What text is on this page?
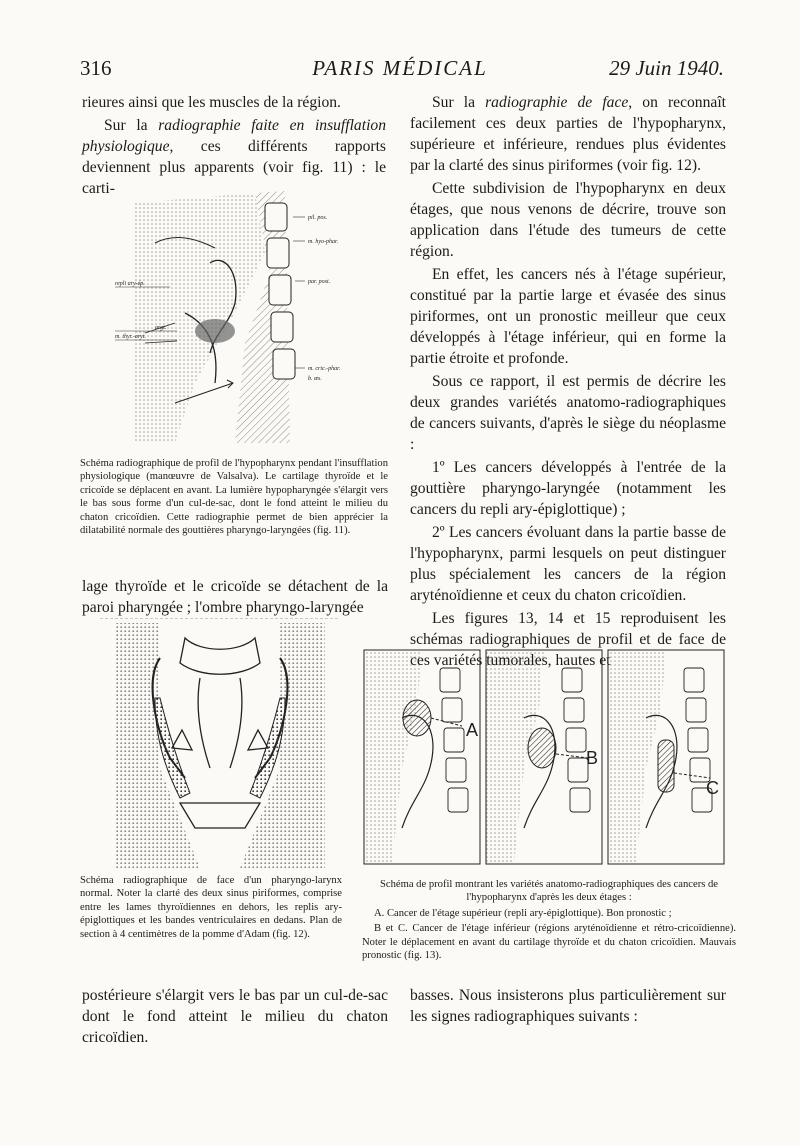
316	PARIS MÉDICAL	29 Juin 1940.

rieures ainsi que les muscles de la région.

Sur la radiographie faite en insufflation physiologique, ces différents rapports deviennent plus apparents (voir fig. 11) : le carti-

pil. pos.
m. hyo-phar.
repli ary-ép.	par. post.
argt.
m. thyr.-aryt.
m. cric.-phar.
b. œs.

Schéma radiographique de profil de l'hypopharynx pendant l'insufflation physiologique (manœuvre de Valsalva). Le cartilage thyroïde et le cricoïde se déplacent en avant. La lumière hypopharyngée s'élargit vers le bas sous forme d'un cul-de-sac, dont le fond atteint le milieu du chaton cricoïdien. Cette radiographie permet de bien apprécier la dilatabilité normale des gouttières pharyngo-laryngées (fig. 11).

lage thyroïde et le cricoïde se détachent de la paroi pharyngée ; l'ombre pharyngo-laryngée

Sur la radiographie de face, on reconnaît facilement ces deux parties de l'hypopharynx, supérieure et inférieure, rendues plus évidentes par la clarté des sinus piriformes (voir fig. 12).

Cette subdivision de l'hypopharynx en deux étages, que nous venons de décrire, trouve son application dans l'étude des tumeurs de cette région.

En effet, les cancers nés à l'étage supérieur, constitué par la partie large et évasée des sinus piriformes, ont un pronostic meilleur que ceux développés à l'étage inférieur, qui en forme la partie étroite et profonde.

Sous ce rapport, il est permis de décrire les deux grandes variétés anatomo-radiographiques de cancers suivants, d'après le siège du néoplasme :

1º Les cancers développés à l'entrée de la gouttière pharyngo-laryngée (notamment les cancers du repli ary-épiglottique) ;

2º Les cancers évoluant dans la partie basse de l'hypopharynx, parmi lesquels on peut distinguer plus spécialement les cancers de la région aryténoïdienne et ceux du chaton cricoïdien.

Les figures 13, 14 et 15 reproduisent les schémas radiographiques de profil et de face de variétés hautes et

Schéma radiographique de face d'un pharyngo-larynx normal. Noter la clarté des deux sinus piriformes, comprise entre les lames thyroïdiennes en dehors, les replis ary-épiglottiques et les bandes ventriculaires en dedans. Plan de section à 4 centimètres de la pomme d'Adam (fig. 12).

A
B
C

Schéma de profil montrant les variétés anatomo-radiographiques des cancers de l'hypopharynx d'après les deux étages :

A. Cancer de l'étage supérieur (repli ary-épiglottique). Bon pronostic ;

B et C. Cancer de l'étage inférieur (régions aryténoïdienne et rétro-cricoïdienne). Noter le déplacement en avant du cartilage thyroïde et du chaton cricoïdien. Mauvais pronostic (fig. 13).

postérieure s'élargit vers le bas par un cul-de-sac dont le fond atteint le milieu du chaton cricoïdien.

basses. Nous insisterons plus particulièrement sur les signes radiographiques suivants :
